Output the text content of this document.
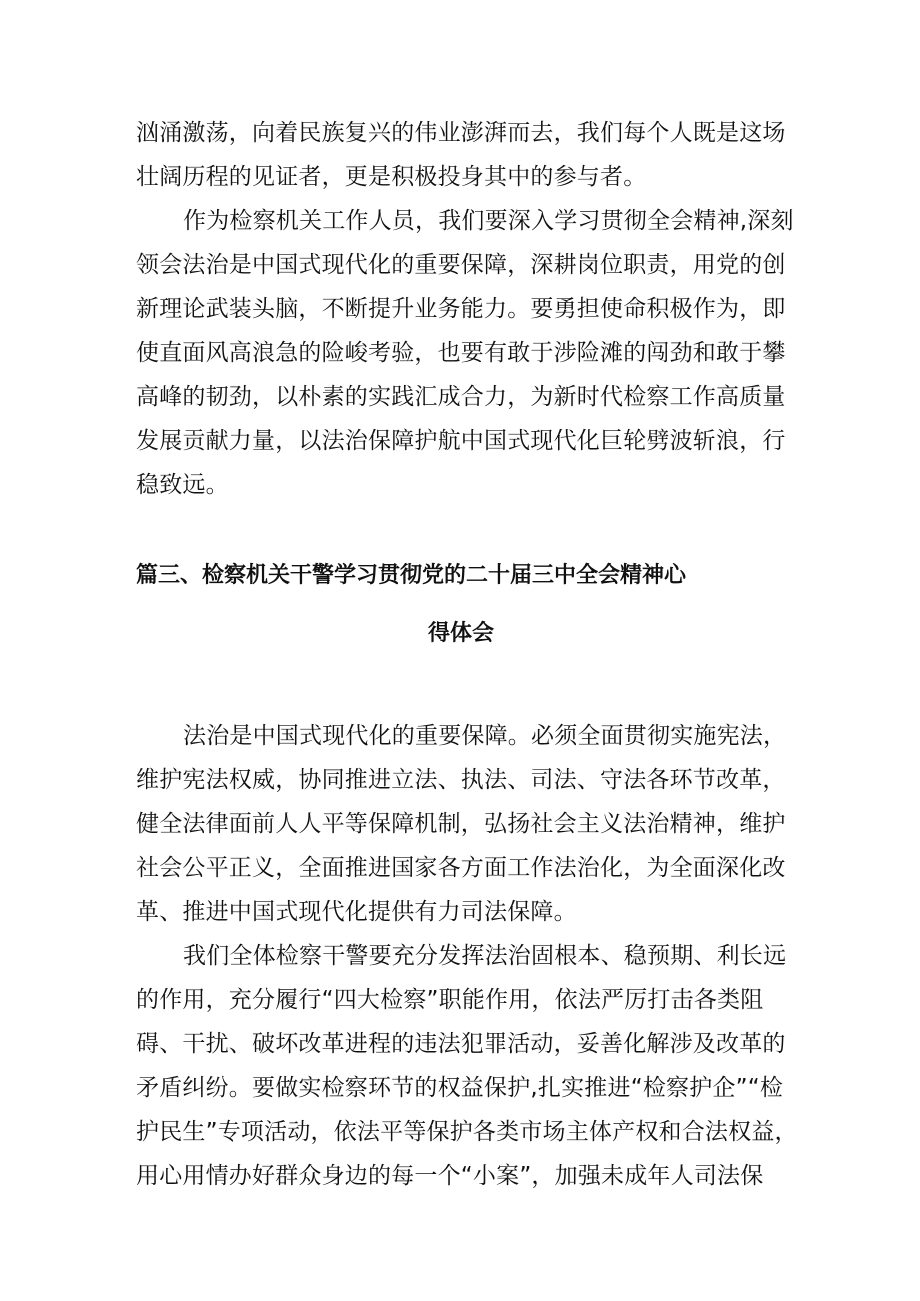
汹涌激荡，向着民族复兴的伟业澎湃而去，我们每个人既是这场
壮阔历程的见证者，更是积极投身其中的参与者。
作为检察机关工作人员，我们要深入学习贯彻全会精神,深刻
领会法治是中国式现代化的重要保障，深耕岗位职责，用党的创
新理论武装头脑，不断提升业务能力。要勇担使命积极作为，即
使直面风高浪急的险峻考验，也要有敢于涉险滩的闯劲和敢于攀
高峰的韧劲，以朴素的实践汇成合力，为新时代检察工作高质量
发展贡献力量，以法治保障护航中国式现代化巨轮劈波斩浪，行
稳致远。
篇三、检察机关干警学习贯彻党的二十届三中全会精神心
得体会
法治是中国式现代化的重要保障。必须全面贯彻实施宪法，
维护宪法权威，协同推进立法、执法、司法、守法各环节改革，
健全法律面前人人平等保障机制，弘扬社会主义法治精神，维护
社会公平正义，全面推进国家各方面工作法治化，为全面深化改
革、推进中国式现代化提供有力司法保障。
我们全体检察干警要充分发挥法治固根本、稳预期、利长远
的作用，充分履行“四大检察”职能作用，依法严厉打击各类阻
碍、干扰、破坏改革进程的违法犯罪活动，妥善化解涉及改革的
矛盾纠纷。要做实检察环节的权益保护,扎实推进“检察护企”“检
护民生”专项活动，依法平等保护各类市场主体产权和合法权益，
用心用情办好群众身边的每一个“小案”，加强未成年人司法保
